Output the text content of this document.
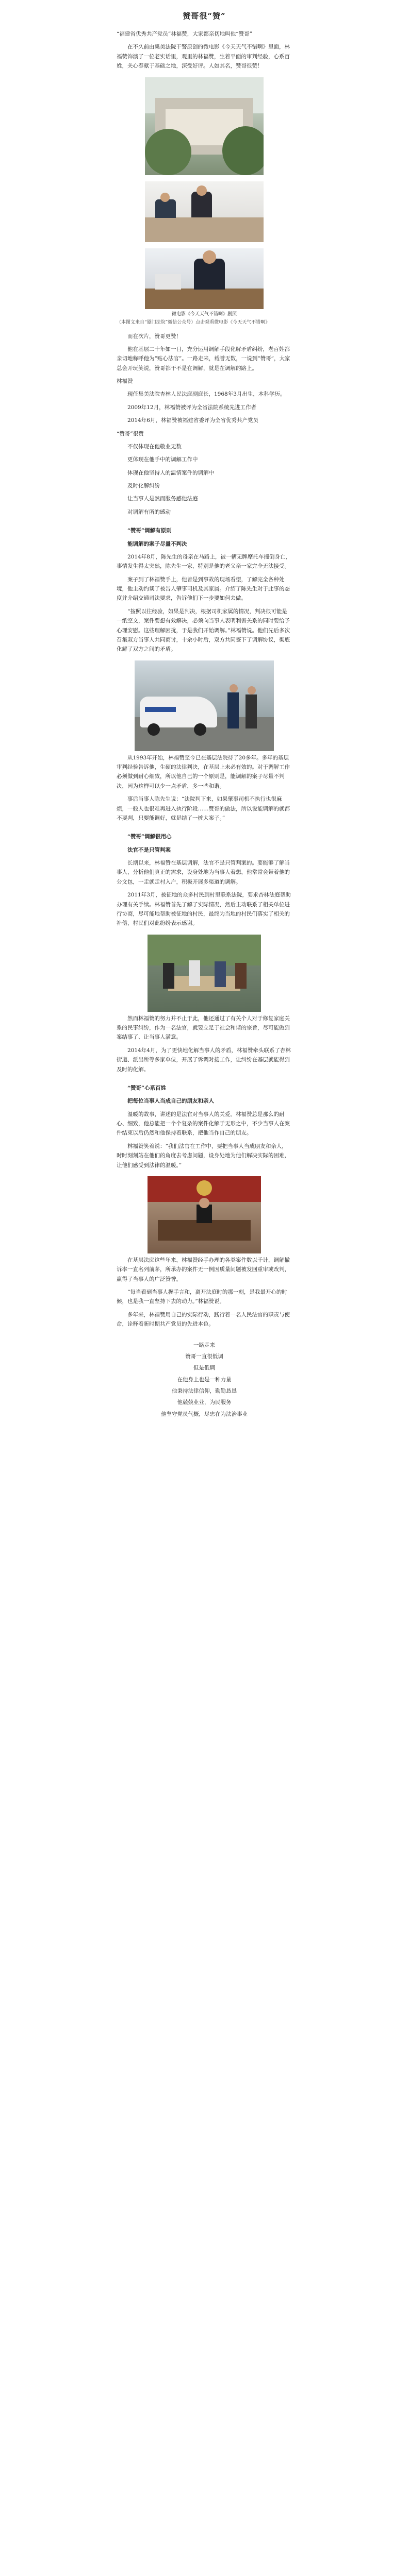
赞哥很“赞”

“福建省优秀共产党员”林福赞，大家都亲切地叫他“赞哥”

在不久前由集美法院干警原创的微电影《今天天气不错啊》里面，林福赞饰演了一位老实话里，观里的林福赞，生着平面的审判经验，心系百姓，关心奉献于基础之地，深受好评。人如其名，赞哥很赞！

微电影《今天天气不错啊》剧照

（本图文来自“厦门法院”微信公众号）点击观看微电影《今天天气不错啊》

而在次片，赞哥更赞！

他在基层二十年如一日，充分运用调解手段化解矛盾纠纷，老百姓都亲切地称呼他为“贴心法官”。一路走来，载誉无数，一说到“赞哥”，大家总会开玩笑说，赞哥都干不是在调解，就是在调解的路上。

林福赞

现任集美法院杏林人民法庭副庭长，1968年3月出生，本科学历。

2009年12月，林福赞被评为全省法院系统先进工作者

2014年6月，林福赞被福建省委评为全省优秀共产党员

“赞哥”很赞

不仅体现在他敬业无数

更体现在他手中的调解工作中

体现在他坚持人的温情案件的调解中

及时化解纠纷

让当事人是然而服务感他法庭

对调解有所的感动

“赞哥”调解有原则

能调解的案子尽量不判决

2014年8月，陈先生的母亲在马路上，被一辆无牌摩托车撞倒身亡，事情发生得太突然，陈先生一家，特别是他的老父亲一家完全无法接受。

案子到了林福赞手上，他皆是到事故的现场看望，了解完全各种处境，他主动约谈了被告人肇事司机及其家属。介绍了陈先生对于此事的态度并介绍交通司法要求，告诉他们下一步要如何去做。

“按照以往经验，如果是判决，根据司机家属的情况，判决很可能是一纸空文，案件要想有效解决，必须向当事人表明利害关系的同时要给予心理安慰。这些理解困扰，于是我们开始调解。”林福赞说。他们先后多次召集双方当事人共同商讨，十余小时后，双方共同签下了调解协议，彻底化解了双方之间的矛盾。

从1993年开始，林福赞至今已在基层法院待了20多年。多年的基层审判经验告诉他，生硬的法律判决，在基层上未必有效的。对于调解工作必须做到耐心细致，所以他自己的一个原则是，能调解的案子尽量不判决，因为这样可以少一点矛盾，多一些和谐。

事后当事人陈先生说：“法院判下来，如果肇事司机不执行也很麻烦，一般人也很难再进入执行阶段……赞哥的做法，所以说能调解的就都不要判，只要能调好，就是结了一桩大案子。”

“赞哥”调解很用心

法官不是只管判案

长期以来，林福赞在基层调解，法官不是只管判案的。要能够了解当事人，分析他们真正的需求，设身处地为当事人着想，他常常会带着他的公文包，一走就走村入户，积极开展多渠道的调解。

2011年3月，被征地的众多村民到村里联系法院，要求杏林法庭帮助办理有关手续。林福赞首先了解了实际情况，然后主动联系了相关单位进行协商，尽可能地帮助被征地的村民，最终为当地的村民们落实了相关的补偿，村民们对此纷纷表示感谢。

然而林福赞的努力并不止于此，他还通过了有关个人对于修复家庭关系的民事纠纷，作为一名法官，就要立足于社会和谐的宗旨，尽可能做到案结事了、让当事人满意。

2014年4月，为了更快地化解当事人的矛盾，林福赞牵头联系了杏林街道、派出所等多家单位，开展了诉调对接工作，让纠纷在基层就能得到及时的化解。

“赞哥”心系百姓

把每位当事人当成自己的朋友和亲人

温暖的故事，讲述的是法官对当事人的关爱。林福赞总是那么的耐心、细致，他总能把一个个复杂的案件化解于无形之中，不少当事人在案件结束以后仍然和他保持着联系，把他当作自己的朋友。

林福赞笑着说：“我们法官在工作中，要把当事人当成朋友和亲人，时时刻刻站在他们的角度去考虑问题，设身处地为他们解决实际的困难，让他们感受到法律的温暖。”

在基层法庭这些年来，林福赞经手办理的各类案件数以千计，调解撤诉率一直名列前茅，所承办的案件无一例因质量问题被发回重审或改判，赢得了当事人的广泛赞誉。

“每当看到当事人握手言和，离开法庭时的那一刻，是我最开心的时候，也是我一直坚持下去的动力。”林福赞说。

多年来，林福赞用自己的实际行动，践行着一名人民法官的职责与使命，诠释着新时期共产党员的先进本色。

一路走来

赞哥一直很低调

但是低调

在他身上也是一种力量

他秉持法律信仰，勤勤恳恳

他兢兢业业，为民服务

他坚守党员气概，尽忠在为法治事业
